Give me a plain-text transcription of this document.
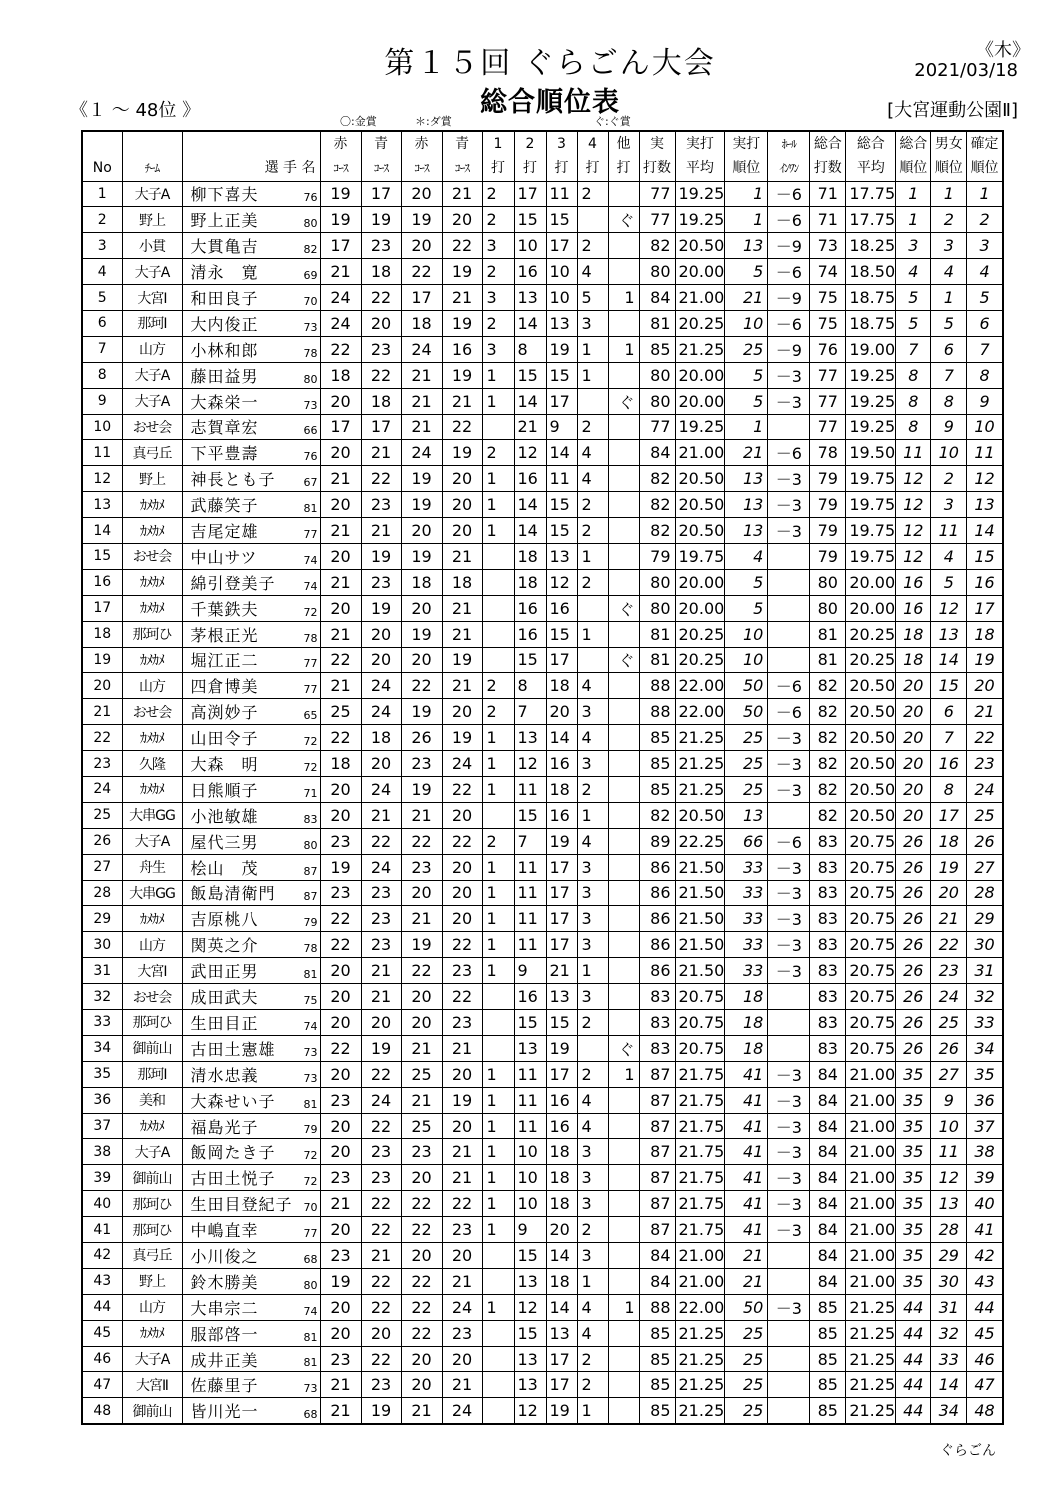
第１５回 ぐらごん大会
総合順位表
《木》
2021/03/18
《１ ～ 48位 》	[大宮運動公園Ⅱ]
〇:金賞	＊:ダ賞	ぐ:ぐ賞
				赤	青	赤	青	1	2	3	4	他	実	実打	実打	ﾎｰﾙ	総合	総合	総合	男女	確定
No	ﾁｰﾑ	選 手 名		ｺｰｽ	ｺｰｽ	ｺｰｽ	ｺｰｽ	打	打	打	打	打	打数	平均	順位	ｲﾝﾜﾝ	打数	平均	順位	順位	順位
1	大子A	柳下喜夫	76	19	17	20	21	2	17	11	2		77	19.25	1	－6	71	17.75	1	1	1
2	野上	野上正美	80	19	19	19	20	2	15	15		ぐ	77	19.25	1	－6	71	17.75	1	2	2
3	小貫	大貫亀吉	82	17	23	20	22	3	10	17	2		82	20.50	13	－9	73	18.25	3	3	3
4	大子A	清永　寛	69	21	18	22	19	2	16	10	4		80	20.00	5	－6	74	18.50	4	4	4
5	大宮Ⅰ	和田良子	70	24	22	17	21	3	13	10	5	1	84	21.00	21	－9	75	18.75	5	1	5
6	那珂Ⅰ	大内俊正	73	24	20	18	19	2	14	13	3		81	20.25	10	－6	75	18.75	5	5	6
7	山方	小林和郎	78	22	23	24	16	3	8	19	1	1	85	21.25	25	－9	76	19.00	7	6	7
8	大子A	藤田益男	80	18	22	21	19	1	15	15	1		80	20.00	5	－3	77	19.25	8	7	8
9	大子A	大森栄一	73	20	18	21	21	1	14	17		ぐ	80	20.00	5	－3	77	19.25	8	8	9
10	おせ会	志賀章宏	66	17	17	21	22		21	9	2		77	19.25	1		77	19.25	8	9	10
11	真弓丘	下平豊壽	76	20	21	24	19	2	12	14	4		84	21.00	21	－6	78	19.50	11	10	11
12	野上	神長とも子	67	21	22	19	20	1	16	11	4		82	20.50	13	－3	79	19.75	12	2	12
13	ｶﾒｶﾒ	武藤笑子	81	20	23	19	20	1	14	15	2		82	20.50	13	－3	79	19.75	12	3	13
14	ｶﾒｶﾒ	吉尾定雄	77	21	21	20	20	1	14	15	2		82	20.50	13	－3	79	19.75	12	11	14
15	おせ会	中山サツ	74	20	19	19	21		18	13	1		79	19.75	4		79	19.75	12	4	15
16	ｶﾒｶﾒ	綿引登美子	74	21	23	18	18		18	12	2		80	20.00	5		80	20.00	16	5	16
17	ｶﾒｶﾒ	千葉鉄夫	72	20	19	20	21		16	16		ぐ	80	20.00	5		80	20.00	16	12	17
18	那珂ひ	茅根正光	78	21	20	19	21		16	15	1		81	20.25	10		81	20.25	18	13	18
19	ｶﾒｶﾒ	堀江正二	77	22	20	20	19		15	17		ぐ	81	20.25	10		81	20.25	18	14	19
20	山方	四倉博美	77	21	24	22	21	2	8	18	4		88	22.00	50	－6	82	20.50	20	15	20
21	おせ会	高渕妙子	65	25	24	19	20	2	7	20	3		88	22.00	50	－6	82	20.50	20	6	21
22	ｶﾒｶﾒ	山田令子	72	22	18	26	19	1	13	14	4		85	21.25	25	－3	82	20.50	20	7	22
23	久隆	大森　明	72	18	20	23	24	1	12	16	3		85	21.25	25	－3	82	20.50	20	16	23
24	ｶﾒｶﾒ	日熊順子	71	20	24	19	22	1	11	18	2		85	21.25	25	－3	82	20.50	20	8	24
25	大串GG	小池敏雄	83	20	21	21	20		15	16	1		82	20.50	13		82	20.50	20	17	25
26	大子A	屋代三男	80	23	22	22	22	2	7	19	4		89	22.25	66	－6	83	20.75	26	18	26
27	舟生	桧山　茂	87	19	24	23	20	1	11	17	3		86	21.50	33	－3	83	20.75	26	19	27
28	大串GG	飯島清衛門	87	23	23	20	20	1	11	17	3		86	21.50	33	－3	83	20.75	26	20	28
29	ｶﾒｶﾒ	吉原桃八	79	22	23	21	20	1	11	17	3		86	21.50	33	－3	83	20.75	26	21	29
30	山方	関英之介	78	22	23	19	22	1	11	17	3		86	21.50	33	－3	83	20.75	26	22	30
31	大宮Ⅰ	武田正男	81	20	21	22	23	1	9	21	1		86	21.50	33	－3	83	20.75	26	23	31
32	おせ会	成田武夫	75	20	21	20	22		16	13	3		83	20.75	18		83	20.75	26	24	32
33	那珂ひ	生田目正	74	20	20	20	23		15	15	2		83	20.75	18		83	20.75	26	25	33
34	御前山	古田土憲雄	73	22	19	21	21		13	19		ぐ	83	20.75	18		83	20.75	26	26	34
35	那珂Ⅰ	清水忠義	73	20	22	25	20	1	11	17	2	1	87	21.75	41	－3	84	21.00	35	27	35
36	美和	大森せい子	81	23	24	21	19	1	11	16	4		87	21.75	41	－3	84	21.00	35	9	36
37	ｶﾒｶﾒ	福島光子	79	20	22	25	20	1	11	16	4		87	21.75	41	－3	84	21.00	35	10	37
38	大子A	飯岡たき子	72	20	23	23	21	1	10	18	3		87	21.75	41	－3	84	21.00	35	11	38
39	御前山	古田土悦子	72	23	23	20	21	1	10	18	3		87	21.75	41	－3	84	21.00	35	12	39
40	那珂ひ	生田目登紀子	70	21	22	22	22	1	10	18	3		87	21.75	41	－3	84	21.00	35	13	40
41	那珂ひ	中嶋直幸	77	20	22	22	23	1	9	20	2		87	21.75	41	－3	84	21.00	35	28	41
42	真弓丘	小川俊之	68	23	21	20	20		15	14	3		84	21.00	21		84	21.00	35	29	42
43	野上	鈴木勝美	80	19	22	22	21		13	18	1		84	21.00	21		84	21.00	35	30	43
44	山方	大串宗二	74	20	22	22	24	1	12	14	4	1	88	22.00	50	－3	85	21.25	44	31	44
45	ｶﾒｶﾒ	服部啓一	81	20	20	22	23		15	13	4		85	21.25	25		85	21.25	44	32	45
46	大子A	成井正美	81	23	22	20	20		13	17	2		85	21.25	25		85	21.25	44	33	46
47	大宮Ⅱ	佐藤里子	73	21	23	20	21		13	17	2		85	21.25	25		85	21.25	44	14	47
48	御前山	皆川光一	68	21	19	21	24		12	19	1		85	21.25	25		85	21.25	44	34	48
ぐらごん
